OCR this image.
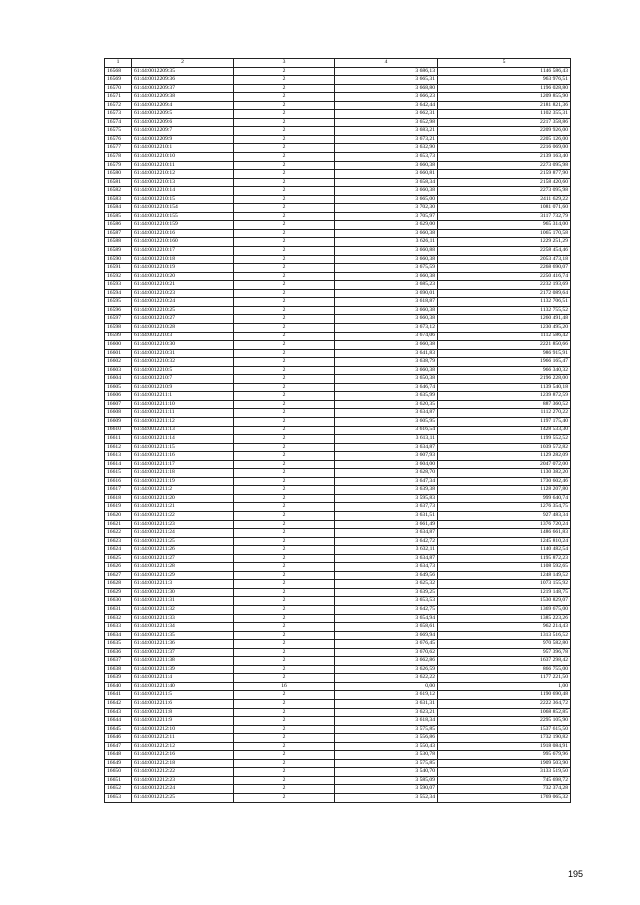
1	2	3	4	5
16568	61:44:0012209:35	2	3 686,13	1146 586,43
16569	61:44:0012209:36	2	3 665,31	963 976,51
16570	61:44:0012209:37	2	3 668,80	1196 028,80
16571	61:44:0012209:38	2	3 666,23	1209 855,90
16572	61:44:0012209:4	2	3 642,44	2181 821,36
16573	61:44:0012209:5	2	3 662,31	1102 355,31
16574	61:44:0012209:6	2	3 652,98	2217 358,86
16575	61:44:0012209:7	2	3 683,21	2209 926,00
16576	61:44:0012209:9	2	3 673,21	2205 126,00
16577	61:44:0012210:1	2	3 632,90	2216 069,00
16578	61:44:0012210:10	2	3 653,73	2139 163,40
16579	61:44:0012210:11	2	3 660,38	2273 095,98
16580	61:44:0012210:12	2	3 660,81	2159 877,90
16581	61:44:0012210:13	2	3 658,34	2158 420,60
16582	61:44:0012210:14	2	3 660,38	2273 095,98
16583	61:44:0012210:15	2	3 665,00	2411 629,22
16584	61:44:0012210:154	2	3 702,30	1081 071,60
16585	61:44:0012210:155	2	3 705,97	3117 732,79
16586	61:44:0012210:159	2	3 629,00	965 314,00
16587	61:44:0012210:16	2	3 660,38	1065 170,58
16588	61:44:0012210:160	2	3 626,11	1229 251,29
16589	61:44:0012210:17	2	3 660,88	2258 454,46
16590	61:44:0012210:18	2	3 660,38	2053 473,18
16591	61:44:0012210:19	2	3 675,59	2268 690,07
16592	61:44:0012210:20	2	3 660,38	2250 416,74
16593	61:44:0012210:21	2	3 685,23	2232 193,69
16594	61:44:0012210:23	2	3 690,01	2172 089,64
16595	61:44:0012210:24	2	3 618,87	1132 706,51
16596	61:44:0012210:25	2	3 660,38	1132 755,52
16597	61:44:0012210:27	2	3 660,38	1260 491,48
16598	61:44:0012210:28	2	3 673,12	1230 495,20
16599	61:44:0012210:3	2	3 674,06	1112 586,42
16600	61:44:0012210:30	2	3 660,38	2221 850,66
16601	61:44:0012210:31	2	3 641,83	986 915,91
16602	61:44:0012210:32	2	3 638,79	1966 165,47
16603	61:44:0012210:5	2	3 660,38	966 340,32
16604	61:44:0012210:7	2	3 650,38	2196 228,00
16605	61:44:0012210:9	2	3 646,74	1139 540,18
16606	61:44:0012211:1	2	3 635,99	1239 872,59
16607	61:44:0012211:10	2	3 620,35	887 360,52
16608	61:44:0012211:11	2	3 634,87	1112 270,22
16609	61:44:0012211:12	2	3 605,95	1197 175,40
16610	61:44:0012211:13	2	3 616,54	1428 533,30
16611	61:44:0012211:14	2	3 613,11	1199 552,52
16612	61:44:0012211:15	2	3 634,87	1039 572,82
16613	61:44:0012211:16	2	3 607,93	1129 282,09
16614	61:44:0012211:17	2	3 604,00	2047 072,00
16615	61:44:0012211:18	2	3 628,70	1130 382,20
16616	61:44:0012211:19	2	3 647,34	1730 602,46
16617	61:44:0012211:2	2	3 639,38	1128 207,80
16618	61:44:0012211:20	2	3 595,83	999 640,74
16619	61:44:0012211:21	2	3 637,73	1276 354,75
16620	61:44:0012211:22	2	3 631,51	927 483,34
16621	61:44:0012211:23	2	3 661,49	1376 720,24
16622	61:44:0012211:24	2	3 634,87	1486 661,83
16623	61:44:0012211:25	2	3 642,72	1245 810,24
16624	61:44:0012211:26	2	3 632,11	1140 482,54
16625	61:44:0012211:27	2	3 634,87	1195 872,23
16626	61:44:0012211:28	2	3 634,73	1108 592,65
16627	61:44:0012211:29	2	3 649,56	1248 149,52
16628	61:44:0012211:3	2	3 625,32	1073 155,92
16629	61:44:0012211:30	2	3 639,25	1219 148,75
16630	61:44:0012211:31	2	3 653,53	1530 829,07
16631	61:44:0012211:32	2	3 642,75	1369 675,00
16632	61:44:0012211:33	2	3 654,94	1385 223,26
16633	61:44:0012211:34	2	3 658,61	962 214,43
16634	61:44:0012211:35	2	3 669,94	1313 516,52
16635	61:44:0012211:36	2	3 676,45	970 582,80
16636	61:44:0012211:37	2	3 670,62	957 396,78
16637	61:44:0012211:38	2	3 662,86	1637 298,42
16638	61:44:0012211:39	2	3 626,59	866 755,00
16639	61:44:0012211:4	2	3 622,22	1177 221,50
16640	61:44:0012211:40	16	0,00	1,00
16641	61:44:0012211:5	2	3 619,12	1190 690,48
16642	61:44:0012211:6	2	3 631,31	2222 364,72
16643	61:44:0012211:8	2	3 623,21	1068 852,85
16644	61:44:0012211:9	2	3 618,34	2295 105,90
16645	61:44:0012212:10	2	3 575,85	1537 615,50
16646	61:44:0012212:11	2	3 556,86	1732 190,82
16647	61:44:0012212:12	2	3 550,43	1918 084,91
16648	61:44:0012212:16	2	3 530,78	995 679,96
16649	61:44:0012212:18	2	3 575,85	1909 503,90
16650	61:44:0012212:22	2	3 540,70	3133 519,50
16651	61:44:0012212:23	2	3 585,09	745 698,72
16652	61:44:0012212:24	2	3 590,07	732 374,28
16653	61:44:0012212:25	2	3 552,34	1769 065,32
195
